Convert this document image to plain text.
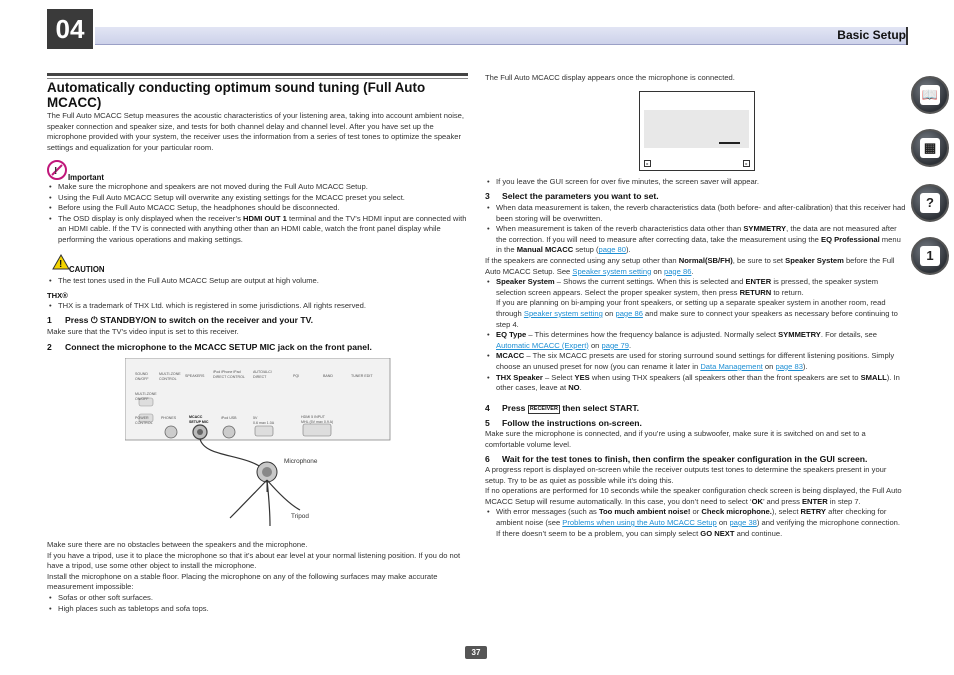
04	Basic Setup
📖
▦
?
1
Automatically conducting optimum sound tuning (Full Auto MCACC)
The Full Auto MCACC Setup measures the acoustic characteristics of your listening area, taking into account ambient noise, speaker connection and speaker size, and tests for both channel delay and channel level. After you have set up the microphone provided with your system, the receiver uses the information from a series of test tones to optimize the speaker settings and equalization for your particular room.
!
Important
• Make sure the microphone and speakers are not moved during the Full Auto MCACC Setup.
• Using the Full Auto MCACC Setup will overwrite any existing settings for the MCACC preset you select.
• Before using the Full Auto MCACC Setup, the headphones should be disconnected.
• The OSD display is only displayed when the receiver’s HDMI OUT 1 terminal and the TV’s HDMI input are connected with an HDMI cable. If the TV is connected with anything other than an HDMI cable, watch the front panel display while performing the various operations and making settings.
! CAUTION
• The test tones used in the Full Auto MCACC Setup are output at high volume.
THX®
• THX is a trademark of THX Ltd. which is registered in some jurisdictions. All rights reserved.
1 Press ⏻ STANDBY/ON to switch on the receiver and your TV.
Make sure that the TV’s video input is set to this receiver.
2 Connect the microphone to the MCACC SETUP MIC jack on the front panel.
SOUND
ON/OFF
MULTI-ZONE
CONTROL
SPEAKERS
iPod iPhone iPad
DIRECT CONTROL
AUTO/ALC/
DIRECT	PQI	BAND	TUNER EDIT
MULTI-ZONE
ON/OFF
POWER
CONTROL
PHONES	MCACC
SETUP MIC
iPod USB	5V
0.6 max 1.0A
HDMI 5 INPUT
MHL (5V max 0.9 A)
Microphone
Tripod
Make sure there are no obstacles between the speakers and the microphone.
If you have a tripod, use it to place the microphone so that it’s about ear level at your normal listening position. If you do not have a tripod, use some other object to install the microphone.
Install the microphone on a stable floor. Placing the microphone on any of the following surfaces may make accurate measurement impossible:
• Sofas or other soft surfaces.
• High places such as tabletops and sofa tops.
The Full Auto MCACC display appears once the microphone is connected.
▸	▸
• If you leave the GUI screen for over five minutes, the screen saver will appear.
3 Select the parameters you want to set.
• When data measurement is taken, the reverb characteristics data (both before- and after-calibration) that this receiver had been storing will be overwritten.
• When measurement is taken of the reverb characteristics data other than SYMMETRY, the data are not measured after the correction. If you will need to measure after correcting data, take the measurement using the EQ Professional menu in the Manual MCACC setup (page 80).
If the speakers are connected using any setup other than Normal(SB/FH), be sure to set Speaker System before the Full Auto MCACC Setup. See Speaker system setting on page 86.
• Speaker System – Shows the current settings. When this is selected and ENTER is pressed, the speaker system selection screen appears. Select the proper speaker system, then press RETURN to return.
If you are planning on bi-amping your front speakers, or setting up a separate speaker system in another room, read through Speaker system setting on page 86 and make sure to connect your speakers as necessary before continuing to step 4.
• EQ Type – This determines how the frequency balance is adjusted. Normally select SYMMETRY. For details, see Automatic MCACC (Expert) on page 79.
• MCACC – The six MCACC presets are used for storing surround sound settings for different listening positions. Simply choose an unused preset for now (you can rename it later in Data Management on page 83).
• THX Speaker – Select YES when using THX speakers (all speakers other than the front speakers are set to SMALL). In other cases, leave at NO.
4 Press RECEIVER then select START.
5 Follow the instructions on-screen.
Make sure the microphone is connected, and if you’re using a subwoofer, make sure it is switched on and set to a comfortable volume level.
6 Wait for the test tones to finish, then confirm the speaker configuration in the GUI screen.
A progress report is displayed on-screen while the receiver outputs test tones to determine the speakers present in your setup. Try to be as quiet as possible while it’s doing this.
If no operations are performed for 10 seconds while the speaker configuration check screen is being displayed, the Full Auto MCACC Setup will resume automatically. In this case, you don’t need to select ‘OK’ and press ENTER in step 7.
• With error messages (such as Too much ambient noise! or Check microphone.), select RETRY after checking for ambient noise (see Problems when using the Auto MCACC Setup on page 38) and verifying the microphone connection. If there doesn’t seem to be a problem, you can simply select GO NEXT and continue.
37
